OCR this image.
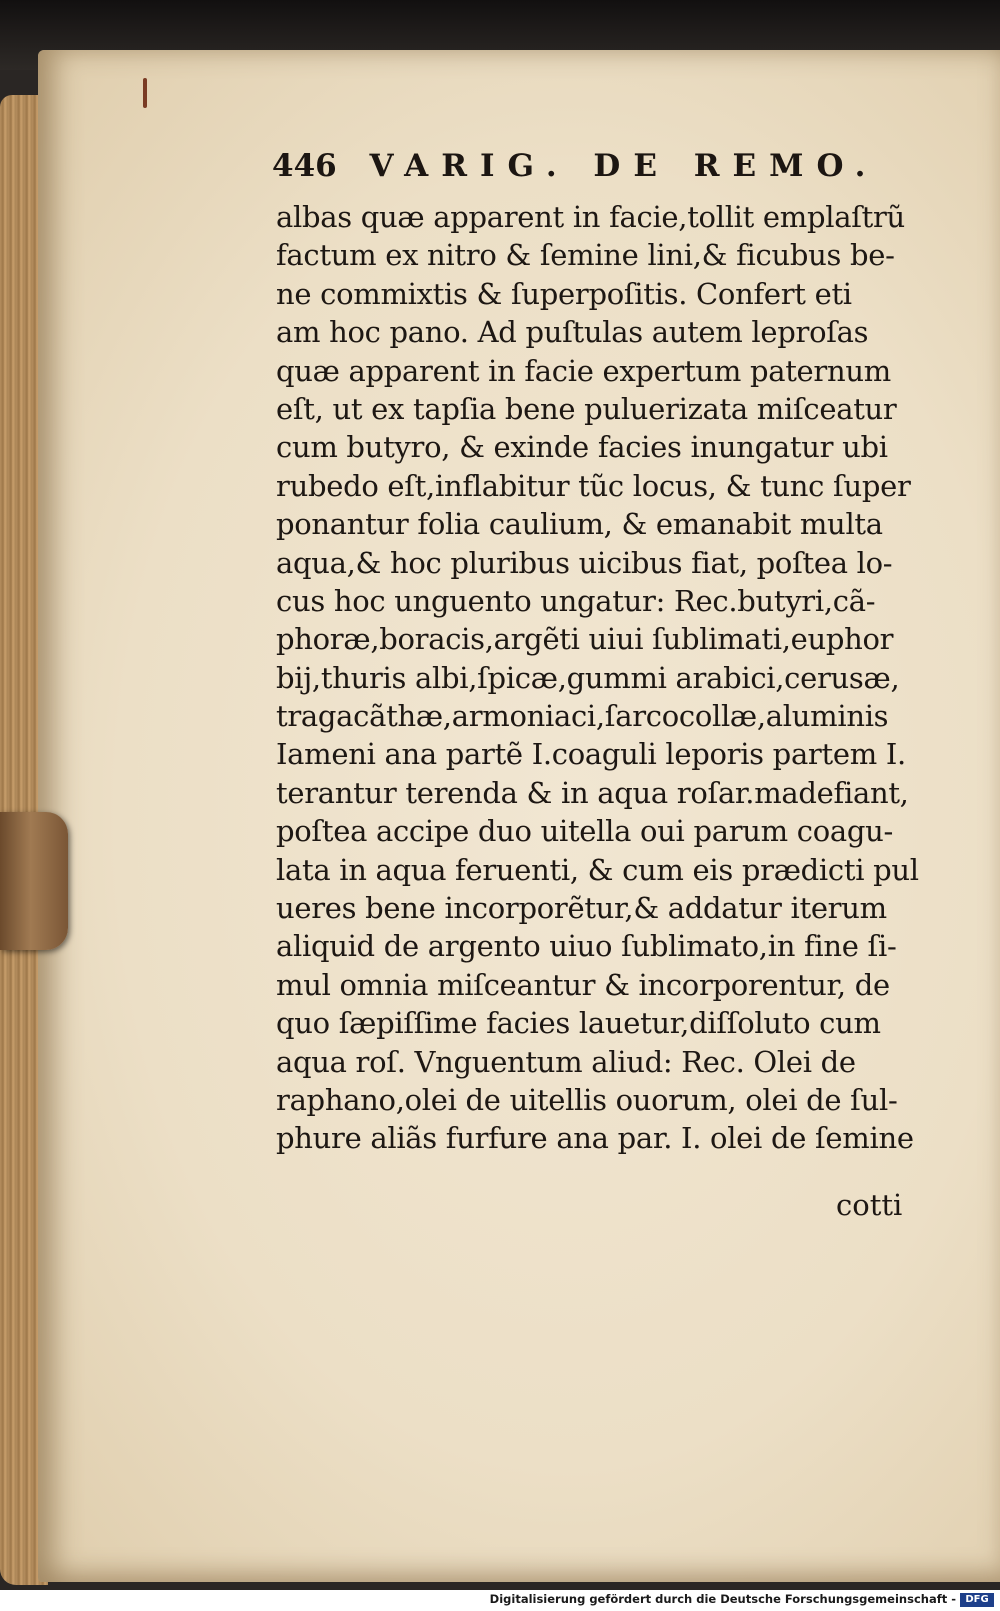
446 VARIG. DE REMO.
albas quæ apparent in facie,tollit emplaſtrũ
factum ex nitro & ſemine lini,& ficubus be-
ne commixtis & ſuperpoſitis. Confert eti
am hoc pano. Ad puſtulas autem leproſas
quæ apparent in facie expertum paternum
eſt, ut ex tapſia bene puluerizata miſceatur
cum butyro, & exinde facies inungatur ubi
rubedo eſt,inflabitur tũc locus, & tunc ſuper
ponantur folia caulium, & emanabit multa
aqua,& hoc pluribus uicibus fiat, poſtea lo-
cus hoc unguento ungatur: Rec.butyri,cã-
phoræ,boracis,argẽti uiui ſublimati,euphor
bij,thuris albi,ſpicæ,gummi arabici,cerusæ,
tragacãthæ,armoniaci,ſarcocollæ,aluminis
Iameni ana partẽ I.coaguli leporis partem I.
terantur terenda & in aqua roſar.madefiant,
poſtea accipe duo uitella oui parum coagu-
lata in aqua feruenti, & cum eis prædicti pul
ueres bene incorporẽtur,& addatur iterum
aliquid de argento uiuo ſublimato,in fine ſi-
mul omnia miſceantur & incorporentur, de
quo ſæpiſſime facies lauetur,diſſoluto cum
aqua roſ. Vnguentum aliud: Rec. Olei de
raphano,olei de uitellis ouorum, olei de ſul-
phure aliãs furfure ana par. I. olei de ſemine
cotti
Digitalisierung gefördert durch die Deutsche Forschungsgemeinschaft - DFG
